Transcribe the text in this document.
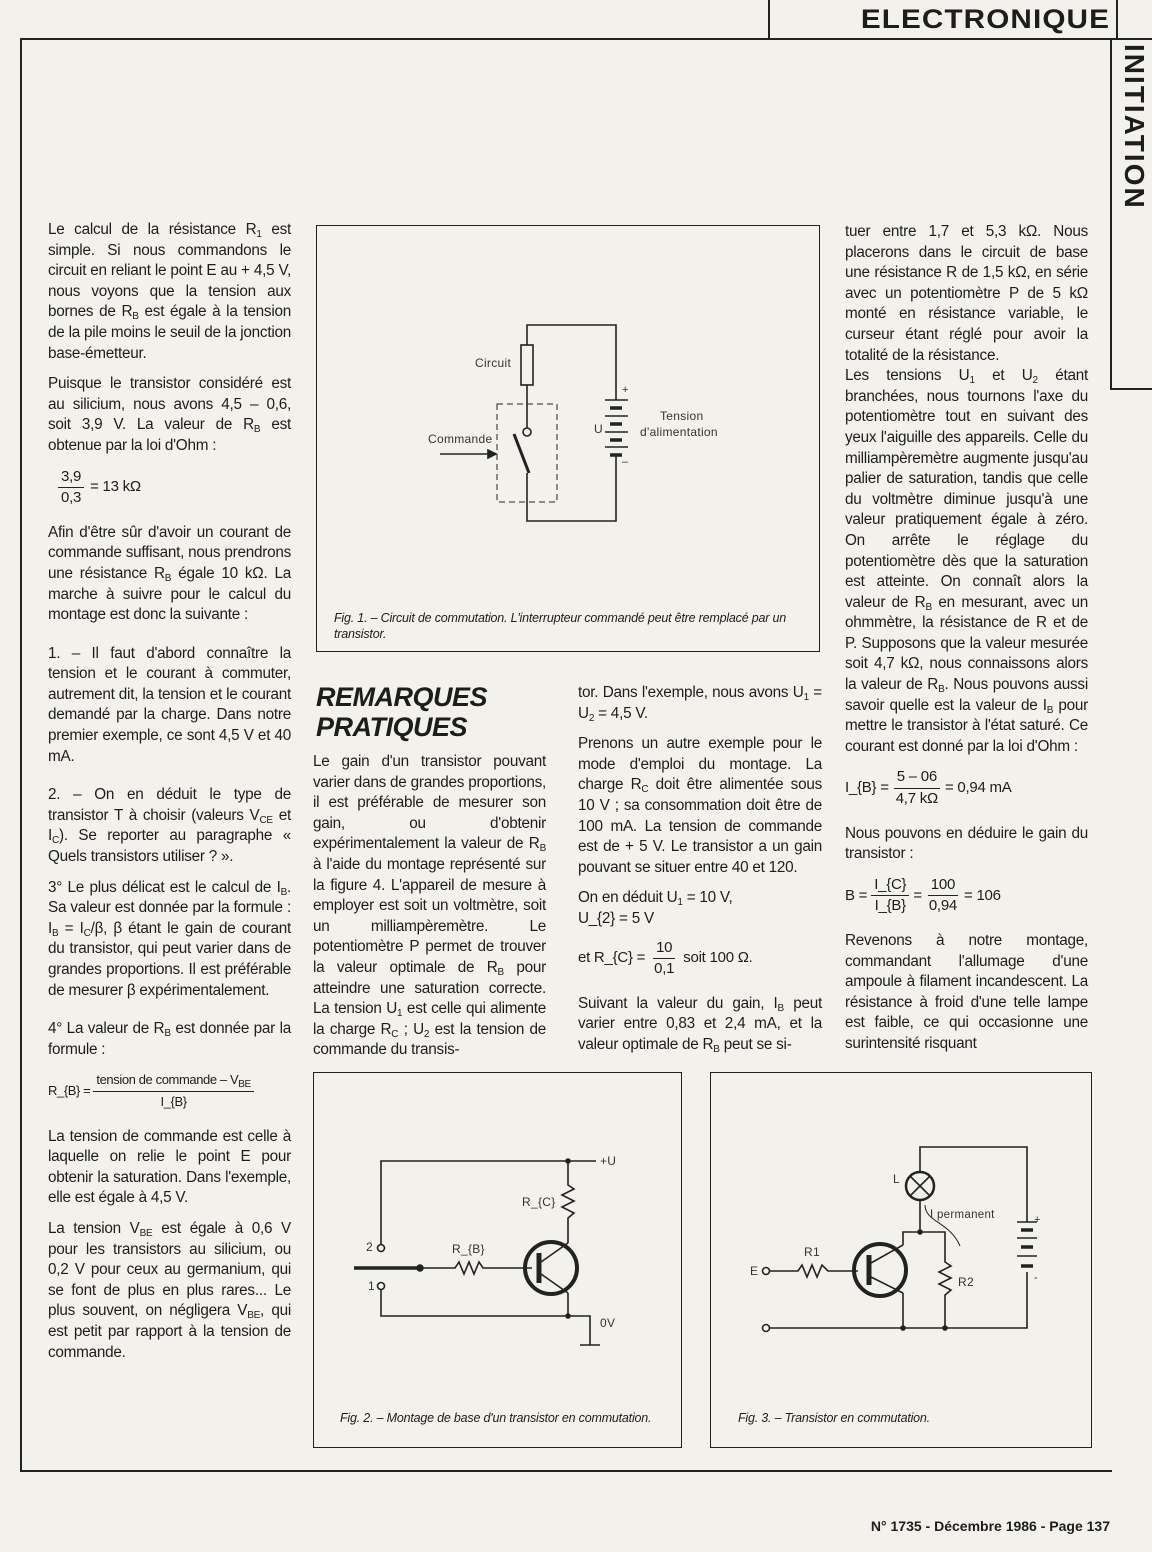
ELECTRONIQUE
INITIATION

Le calcul de la résistance $R_1$ est simple. Si nous commandons le circuit en reliant le point E au + 4,5 V, nous voyons que la tension aux bornes de $R_B$ est égale à la tension de la pile moins le seuil de la jonction base-émetteur.

Puisque le transistor considéré est au silicium, nous avons 4,5 – 0,6, soit 3,9 V. La valeur de $R_B$ est obtenue par la loi d'Ohm :

$\frac{3,9}{0,3} = 13$ kΩ

Afin d'être sûr d'avoir un courant de commande suffisant, nous prendrons une résistance $R_B$ égale 10 kΩ. La marche à suivre pour le calcul du montage est donc la suivante :

1. – Il faut d'abord connaître la tension et le courant à commuter, autrement dit, la tension et le courant demandé par la charge. Dans notre premier exemple, ce sont 4,5 V et 40 mA.

2. – On en déduit le type de transistor T à choisir (valeurs $V_{CE}$ et $I_C$). Se reporter au paragraphe « Quels transistors utiliser ? ».

3° Le plus délicat est le calcul de $I_B$. Sa valeur est donnée par la formule : $I_B = I_C/\beta$, β étant le gain de courant du transistor, qui peut varier dans de grandes proportions. Il est préférable de mesurer β expérimentalement.

4° La valeur de $R_B$ est donnée par la formule :

R_{B} = $\frac{tension de commande - V_{BE}}{I\_\{B\}}$

La tension de commande est celle à laquelle on relie le point E pour obtenir la saturation. Dans l'exemple, elle est égale à 4,5 V.

La tension $V_{BE}$ est égale à 0,6 V pour les transistors au silicium, ou 0,2 V pour ceux au germanium, qui se font de plus en plus rares... Le plus souvent, on négligera $V_{BE}$, qui est petit par rapport à la tension de commande.

REMARQUES
PRATIQUES

Le gain d'un transistor pouvant varier dans de grandes proportions, il est préférable de mesurer son gain, ou d'obtenir expérimentalement la valeur de $R_B$ à l'aide du montage représenté sur la figure 4. L'appareil de mesure à employer est soit un voltmètre, soit un milliampèremètre. Le potentiomètre P permet de trouver la valeur optimale de $R_B$ pour atteindre une saturation correcte. La tension $U_1$ est celle qui alimente la charge $R_C$ ; $U_2$ est la tension de commande du transis-

tor. Dans l'exemple, nous avons $U_1 = U_2 = 4,5$ V.

Prenons un autre exemple pour le mode d'emploi du montage. La charge $R_C$ doit être alimentée sous 10 V ; sa consommation doit être de 100 mA. La tension de commande est de + 5 V. Le transistor a un gain pouvant se situer entre 40 et 120.

On en déduit $U_1 = 10$ V,
U_{2} = 5 V

et R_{C} = $\frac{10}{0,1}$ soit 100 Ω.

Suivant la valeur du gain, $I_B$ peut varier entre 0,83 et 2,4 mA, et la valeur optimale de $R_B$ peut se si-

tuer entre 1,7 et 5,3 kΩ. Nous placerons dans le circuit de base une résistance R de 1,5 kΩ, en série avec un potentiomètre P de 5 kΩ monté en résistance variable, le curseur étant réglé pour avoir la totalité de la résistance.

Les tensions $U_1$ et $U_2$ étant branchées, nous tournons l'axe du potentiomètre tout en suivant des yeux l'aiguille des appareils. Celle du milliampèremètre augmente jusqu'au palier de saturation, tandis que celle du voltmètre diminue jusqu'à une valeur pratiquement égale à zéro. On arrête le réglage du potentiomètre dès que la saturation est atteinte. On connaît alors la valeur de $R_B$ en mesurant, avec un ohmmètre, la résistance de R et de P. Supposons que la valeur mesurée soit 4,7 kΩ, nous connaissons alors la valeur de $R_B$. Nous pouvons aussi savoir quelle est la valeur de $I_B$ pour mettre le transistor à l'état saturé. Ce courant est donné par la loi d'Ohm :

I_{B} = $\frac{5 - 06}{4,7 k\Omega} = 0,94$ mA

Nous pouvons en déduire le gain du transistor :

$B = \frac{I\_\{C\}}{I\_\{B\}} = \frac{100}{0,94} = 106$

Revenons à notre montage, commandant l'allumage d'une ampoule à filament incandescent. La résistance à froid d'une telle lampe est faible, ce qui occasionne une surintensité risquant

Circuit
Commande
U
Tension
d'alimentation
+
–
Fig. 1. – Circuit de commutation. L'interrupteur commandé peut être remplacé par un transistor.
+U
R_{C}
R_{B}
2
1
0V
Fig. 2. – Montage de base d'un transistor en commutation.
L
I permanent
E
R1
R2
+
-
Fig. 3. – Transistor en commutation.
N° 1735 - Décembre 1986 - Page 137
